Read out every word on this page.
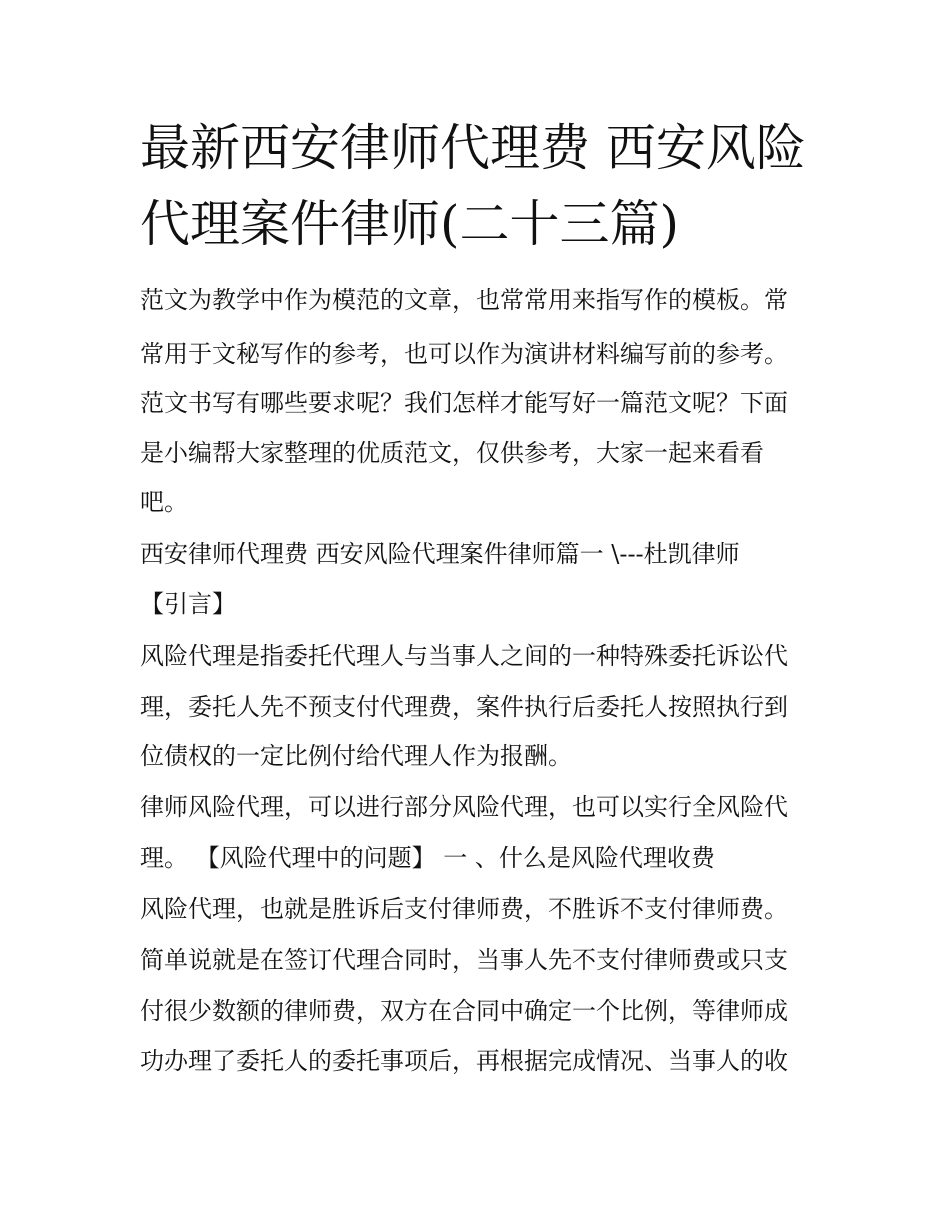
最新西安律师代理费 西安风险
代理案件律师(二十三篇)
范文为教学中作为模范的文章，也常常用来指写作的模板。常
常用于文秘写作的参考，也可以作为演讲材料编写前的参考。
范文书写有哪些要求呢？我们怎样才能写好一篇范文呢？下面
是小编帮大家整理的优质范文，仅供参考，大家一起来看看
吧。
西安律师代理费 西安风险代理案件律师篇一 \---杜凯律师
【引言】
风险代理是指委托代理人与当事人之间的一种特殊委托诉讼代
理，委托人先不预支付代理费，案件执行后委托人按照执行到
位债权的一定比例付给代理人作为报酬。
律师风险代理，可以进行部分风险代理，也可以实行全风险代
理。 【风险代理中的问题】 一 、什么是风险代理收费
风险代理，也就是胜诉后支付律师费，不胜诉不支付律师费。
简单说就是在签订代理合同时，当事人先不支付律师费或只支
付很少数额的律师费，双方在合同中确定一个比例，等律师成
功办理了委托人的委托事项后，再根据完成情况、当事人的收
